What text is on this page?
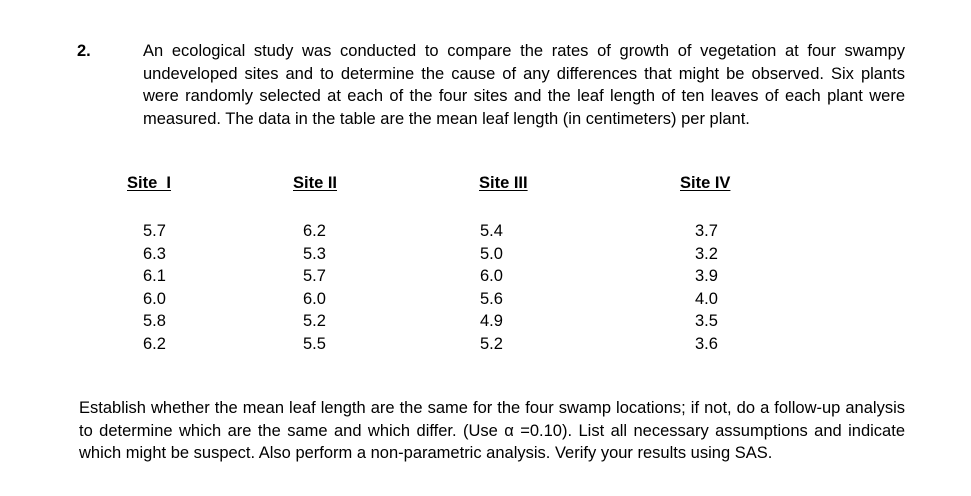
2.	An ecological study was conducted to compare the rates of growth of vegetation at four swampy undeveloped sites and to determine the cause of any differences that might be observed. Six plants were randomly selected at each of the four sites and the leaf length of ten leaves of each plant were measured. The data in the table are the mean leaf length (in centimeters) per plant.

Site  I
5.7
6.3
6.1
6.0
5.8
6.2
Site II
6.2
5.3
5.7
6.0
5.2
5.5
Site III
5.4
5.0
6.0
5.6
4.9
5.2
Site IV
3.7
3.2
3.9
4.0
3.5
3.6

Establish whether the mean leaf length are the same for the four swamp locations; if not, do a follow-up analysis to determine which are the same and which differ. (Use α =0.10). List all necessary assumptions and indicate which might be suspect. Also perform a non-parametric analysis. Verify your results using SAS.
